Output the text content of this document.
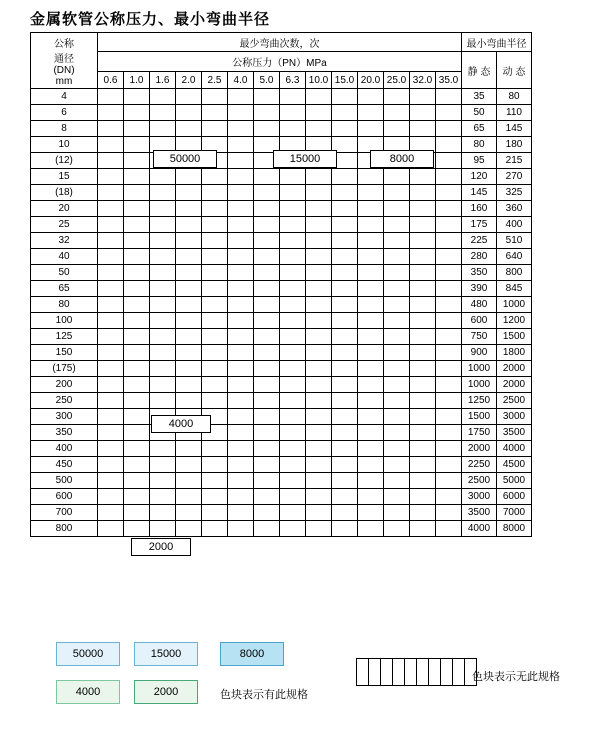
金属软管公称压力、最小弯曲半径
公称
通径
(DN)
mm	最少弯曲次数，次														最小弯曲半径	
	公称压力（PN）MPa														静 态	动 态
	0.6	1.0	1.6	2.0	2.5	4.0	5.0	6.3	10.0	15.0	20.0	25.0	32.0	35.0		
4															35	80
6															50	110
8															65	145
10															80	180
(12)															95	215
15															120	270
(18)															145	325
20															160	360
25															175	400
32															225	510
40															280	640
50															350	800
65															390	845
80															480	1000
100															600	1200
125															750	1500
150															900	1800
(175)															1000	2000
200															1000	2000
250															1250	2500
300															1500	3000
350															1750	3500
400															2000	4000
450															2250	4500
500															2500	5000
600															3000	6000
700															3500	7000
800															4000	8000
50000	15000	8000
4000
2000
50000	15000	8000
4000	2000	色块表示有此规格

色块表示无此规格
